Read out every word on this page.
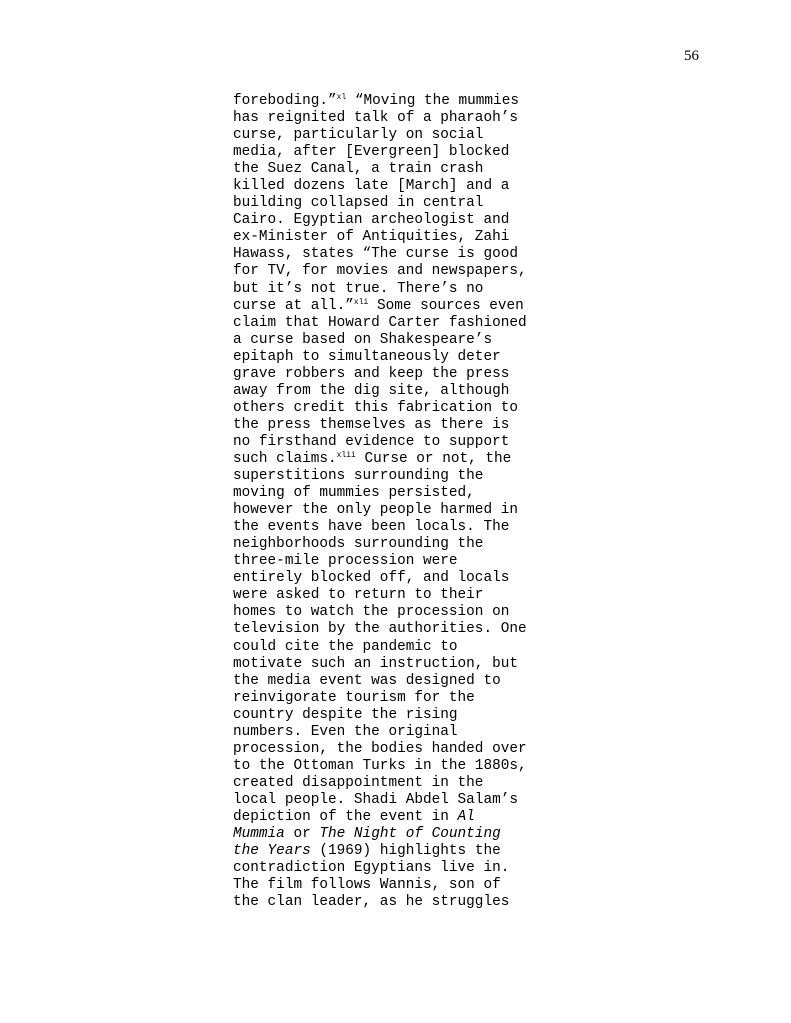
56
foreboding.”$^{xl}$ “Moving the mummies
has reignited talk of a pharaoh’s
curse, particularly on social
media, after [Evergreen] blocked
the Suez Canal, a train crash
killed dozens late [March] and a
building collapsed in central
Cairo. Egyptian archeologist and
ex-Minister of Antiquities, Zahi
Hawass, states “The curse is good
for TV, for movies and newspapers,
but it’s not true. There’s no
curse at all.”$^{xli}$ Some sources even
claim that Howard Carter fashioned
a curse based on Shakespeare’s
epitaph to simultaneously deter
grave robbers and keep the press
away from the dig site, although
others credit this fabrication to
the press themselves as there is
no firsthand evidence to support
such claims.$^{xlii}$ Curse or not, the
superstitions surrounding the
moving of mummies persisted,
however the only people harmed in
the events have been locals. The
neighborhoods surrounding the
three-mile procession were
entirely blocked off, and locals
were asked to return to their
homes to watch the procession on
television by the authorities. One
could cite the pandemic to
motivate such an instruction, but
the media event was designed to
reinvigorate tourism for the
country despite the rising
numbers. Even the original
procession, the bodies handed over
to the Ottoman Turks in the 1880s,
created disappointment in the
local people. Shadi Abdel Salam’s
depiction of the event in Al
Mummia or The Night of Counting
the Years (1969) highlights the
contradiction Egyptians live in.
The film follows Wannis, son of
the clan leader, as he struggles
